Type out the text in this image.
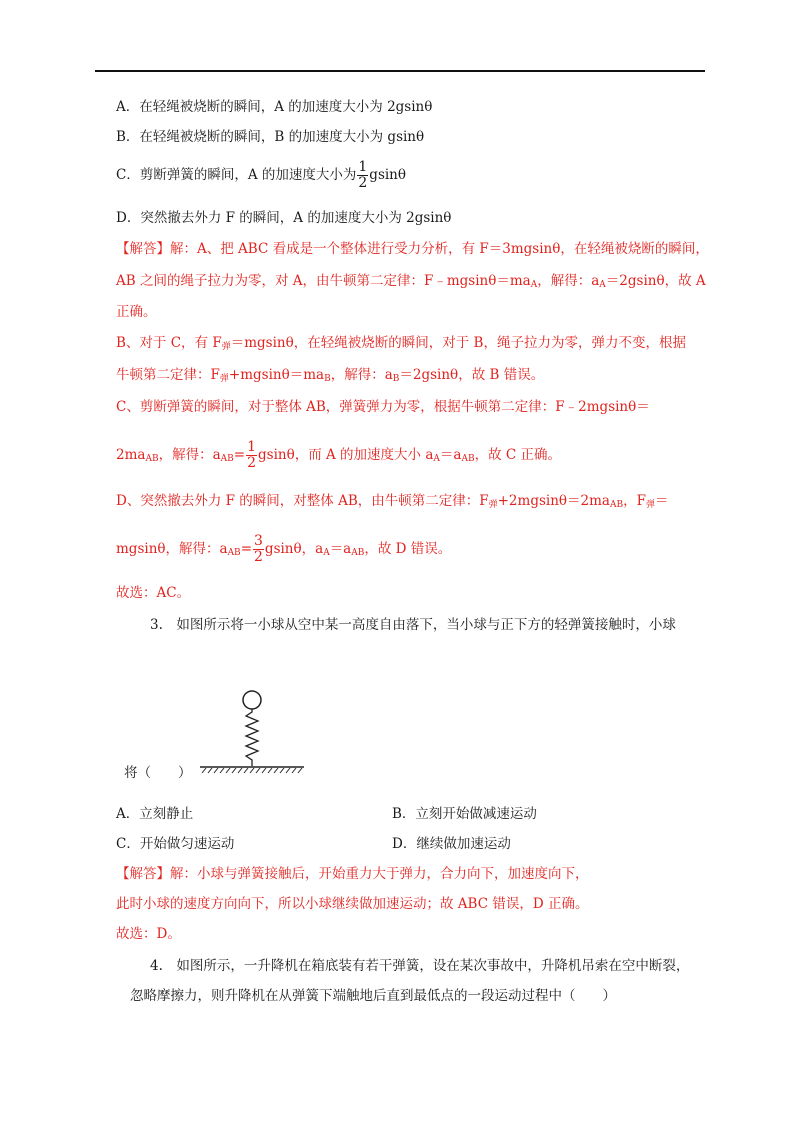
A．在轻绳被烧断的瞬间，A 的加速度大小为 2gsinθ
B．在轻绳被烧断的瞬间，B 的加速度大小为 gsinθ
C．剪断弹簧的瞬间，A 的加速度大小为 $\frac{1}{2}$ gsinθ
D．突然撤去外力 F 的瞬间，A 的加速度大小为 2gsinθ
【解答】解：A、把 ABC 看成是一个整体进行受力分析，有 F＝3mgsinθ，在轻绳被烧断的瞬间，
AB 之间的绳子拉力为零，对 A，由牛顿第二定律：$F﹣mgsin\theta=ma_A$，解得：$a_A=2gsin\theta$，故 A
正确。
B、对于 C，有 $F_弹=mgsin\theta$，在轻绳被烧断的瞬间，对于 B，绳子拉力为零，弹力不变，根据
牛顿第二定律：$F_弹+mgsin\theta=ma_B$，解得：$a_B=2gsin\theta$，故 B 错误。
C、剪断弹簧的瞬间，对于整体 AB，弹簧弹力为零，根据牛顿第二定律：F﹣2mgsinθ＝
$2ma_{AB}$，解得：$a_{AB}= \frac{1}{2}$ gsinθ，而 A 的加速度大小 $a_A=a_{AB}$，故 C 正确。
D、突然撤去外力 F 的瞬间，对整体 AB，由牛顿第二定律：$F_弹+2mgsin\theta=2ma_{AB}$，$F_弹=$
mgsinθ，解得：$a_{AB}= \frac{3}{2}$ gsinθ，$a_A=a_{AB}$，故 D 错误。
故选：AC。
3.　如图所示将一小球从空中某一高度自由落下，当小球与正下方的轻弹簧接触时，小球
将（　　）
A．立刻静止	B．立刻开始做减速运动
C．开始做匀速运动	D．继续做加速运动
【解答】解：小球与弹簧接触后，开始重力大于弹力，合力向下，加速度向下，
此时小球的速度方向向下，所以小球继续做加速运动；故 ABC 错误，D 正确。
故选：D。
4.　如图所示，一升降机在箱底装有若干弹簧，设在某次事故中，升降机吊索在空中断裂，
忽略摩擦力，则升降机在从弹簧下端触地后直到最低点的一段运动过程中（　　）
